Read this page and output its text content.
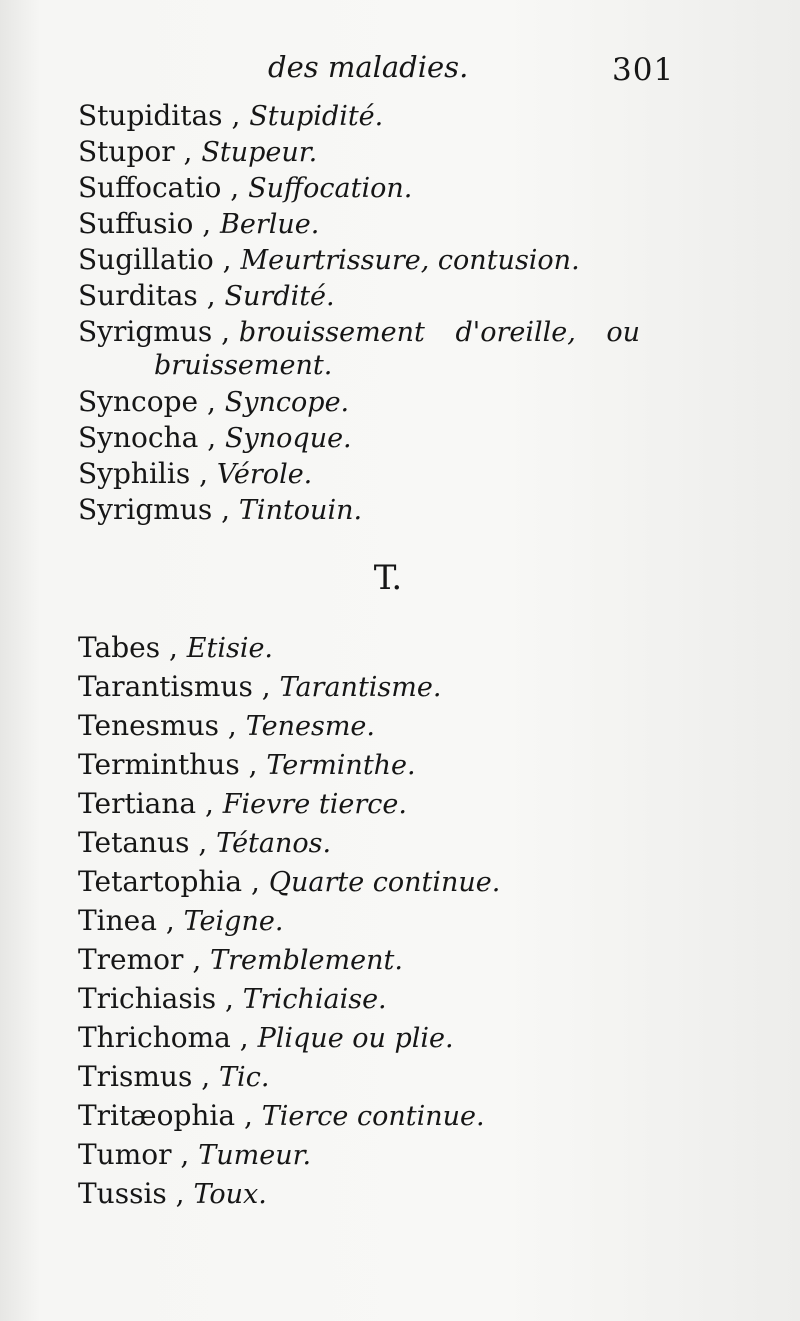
des maladies.	301
Stupiditas , Stupidité.
Stupor , Stupeur.
Suffocatio , Suffocation.
Suffusio , Berlue.
Sugillatio , Meurtrissure, contusion.
Surditas , Surdité.
Syrigmus , brouissement d'oreille, ou
bruissement.
Syncope , Syncope.
Synocha , Synoque.
Syphilis , Vérole.
Syrigmus , Tintouin.
T.
Tabes , Etisie.
Tarantismus , Tarantisme.
Tenesmus , Tenesme.
Terminthus , Terminthe.
Tertiana , Fievre tierce.
Tetanus , Tétanos.
Tetartophia , Quarte continue.
Tinea , Teigne.
Tremor , Tremblement.
Trichiasis , Trichiaise.
Thrichoma , Plique ou plie.
Trismus , Tic.
Tritæophia , Tierce continue.
Tumor , Tumeur.
Tussis , Toux.
